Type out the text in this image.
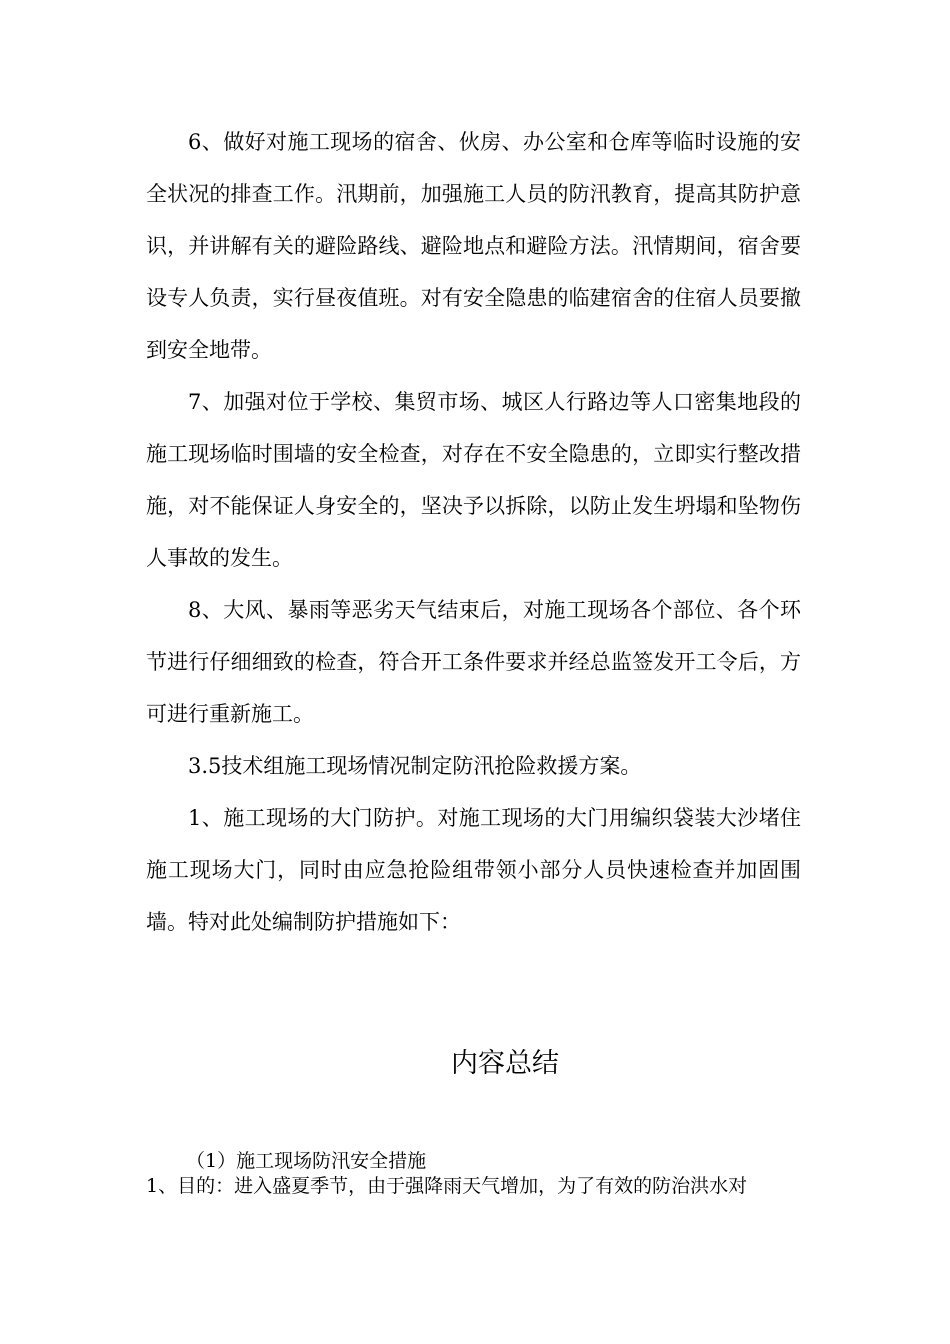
6、做好对施工现场的宿舍、伙房、办公室和仓库等临时设施的安全状况的排查工作。汛期前，加强施工人员的防汛教育，提高其防护意识，并讲解有关的避险路线、避险地点和避险方法。汛情期间，宿舍要设专人负责，实行昼夜值班。对有安全隐患的临建宿舍的住宿人员要撤到安全地带。

7、加强对位于学校、集贸市场、城区人行路边等人口密集地段的施工现场临时围墙的安全检查，对存在不安全隐患的，立即实行整改措施，对不能保证人身安全的，坚决予以拆除，以防止发生坍塌和坠物伤人事故的发生。

8、大风、暴雨等恶劣天气结束后，对施工现场各个部位、各个环节进行仔细细致的检查，符合开工条件要求并经总监签发开工令后，方可进行重新施工。

3.5技术组施工现场情况制定防汛抢险救援方案。

1、施工现场的大门防护。对施工现场的大门用编织袋装大沙堵住施工现场大门，同时由应急抢险组带领小部分人员快速检查并加固围墙。特对此处编制防护措施如下：

内容总结
（1）施工现场防汛安全措施
1、目的：进入盛夏季节，由于强降雨天气增加，为了有效的防治洪水对
